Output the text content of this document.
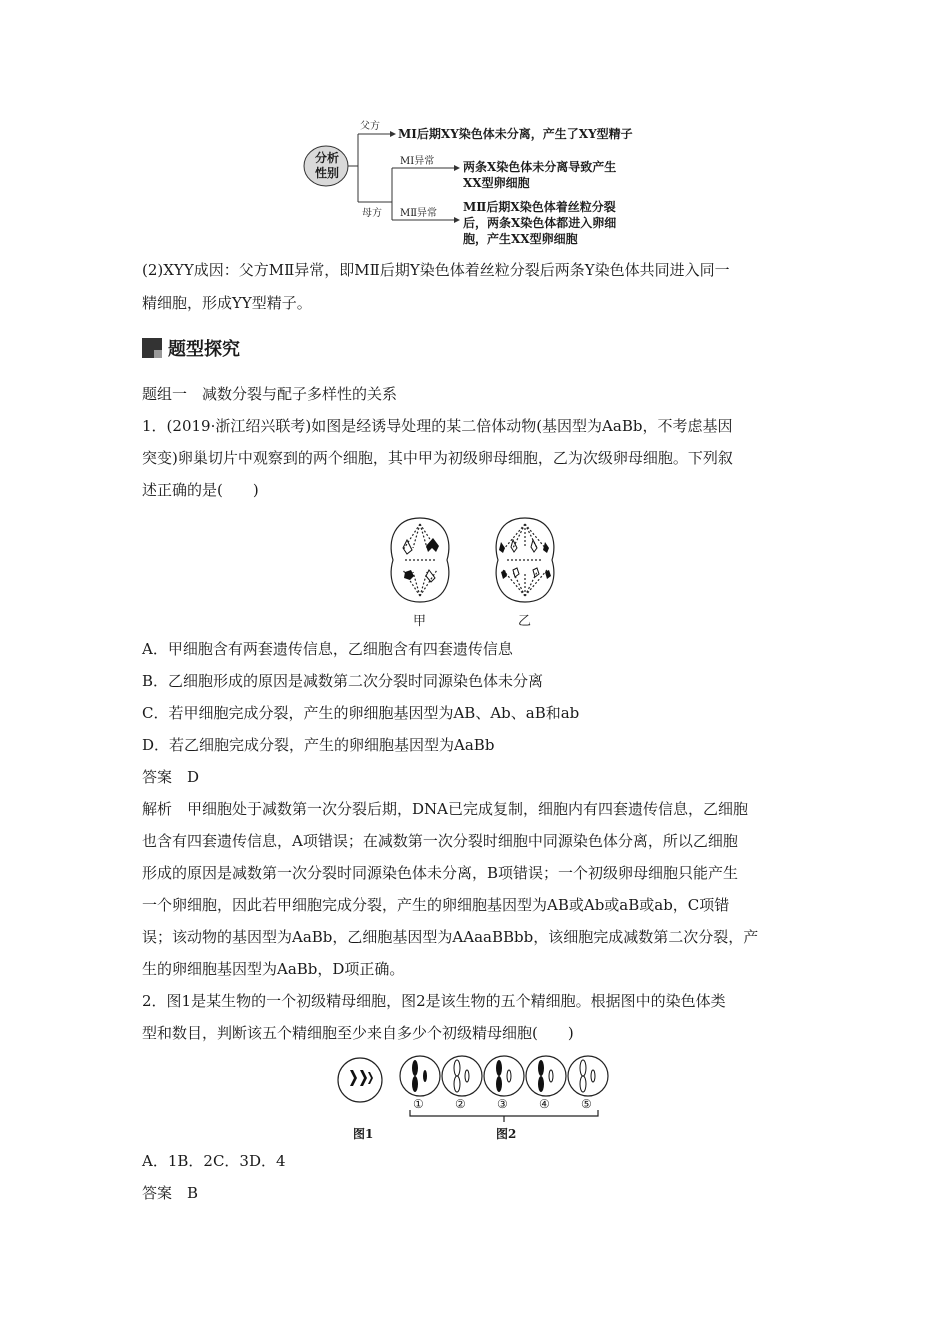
分析性别
父方
MⅠ后期XY染色体未分离，产生了XY型精子
母方
MⅠ异常 两条X染色体未分离导致产生
XX型卵细胞
MⅡ异常 MⅡ后期X染色体着丝粒分裂
后，两条X染色体都进入卵细
胞，产生XX型卵细胞
(2)XYY成因：父方MⅡ异常，即MⅡ后期Y染色体着丝粒分裂后两条Y染色体共同进入同一
精细胞，形成YY型精子。
题型探究
题组一　减数分裂与配子多样性的关系
1．(2019·浙江绍兴联考)如图是经诱导处理的某二倍体动物(基因型为AaBb，不考虑基因
突变)卵巢切片中观察到的两个细胞，其中甲为初级卵母细胞，乙为次级卵母细胞。下列叙
述正确的是(　　)
甲	乙
A．甲细胞含有两套遗传信息，乙细胞含有四套遗传信息
B．乙细胞形成的原因是减数第二次分裂时同源染色体未分离
C．若甲细胞完成分裂，产生的卵细胞基因型为AB、Ab、aB和ab
D．若乙细胞完成分裂，产生的卵细胞基因型为AaBb
答案　D
解析　甲细胞处于减数第一次分裂后期，DNA已完成复制，细胞内有四套遗传信息，乙细胞
也含有四套遗传信息，A项错误；在减数第一次分裂时细胞中同源染色体分离，所以乙细胞
形成的原因是减数第一次分裂时同源染色体未分离，B项错误；一个初级卵母细胞只能产生
一个卵细胞，因此若甲细胞完成分裂，产生的卵细胞基因型为AB或Ab或aB或ab，C项错
误；该动物的基因型为AaBb，乙细胞基因型为AAaaBBbb，该细胞完成减数第二次分裂，产
生的卵细胞基因型为AaBb，D项正确。
2．图1是某生物的一个初级精母细胞，图2是该生物的五个精细胞。根据图中的染色体类
型和数目，判断该五个精细胞至少来自多少个初级精母细胞(　　)
①	②	③	④	⑤
图1	图2
A．1B．2C．3D．4
答案　B
